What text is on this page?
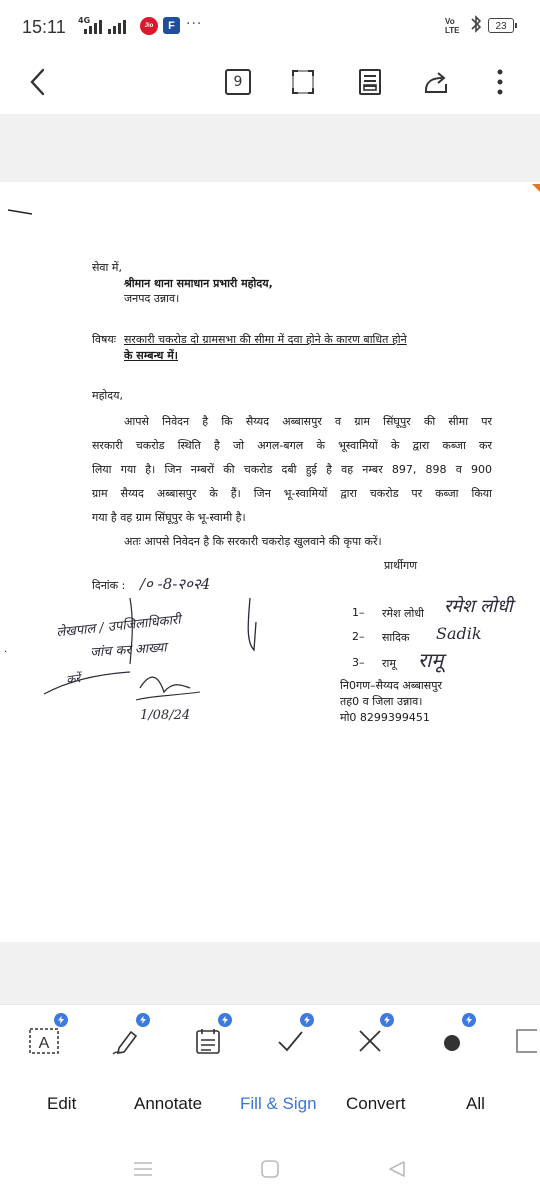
15:11 4G
Jio	F ···	Vo
LTE	23
9
सेवा में,
श्रीमान थाना समाधान प्रभारी महोदय,
जनपद उन्नाव।
विषयः सरकारी चकरोड दो ग्रामसभा की सीमा में दवा होने के कारण बाधित होने
के सम्बन्ध में।
महोदय,
आपसे निवेदन है कि सैय्यद अब्बासपुर व ग्राम सिंघूपुर की सीमा पर
सरकारी चकरोड स्थिति है जो अगल-बगल के भूस्वामियों के द्वारा कब्जा कर
लिया गया है। जिन नम्बरों की चकरोड दबी हुई है वह नम्बर 897, 898 व 900
ग्राम सैय्यद अब्बासपुर के हैं। जिन भू-स्वामियों द्वारा चकरोड पर कब्जा किया
गया है वह ग्राम सिंघूपुर के भू-स्वामी है।
अतः आपसे निवेदन है कि सरकारी चकरोड़ खुलवाने की कृपा करें।
प्रार्थीगण
दिनांक : /० -8-२०२4
1– रमेश लोधी रमेश लोधी
2– सादिक Sadik
3– रामू रामू
नि0गण–सैय्यद अब्बासपुर
तह0 व जिला उन्नाव।
मो0 8299399451
लेखपाल / उपजिलाधिकारी
जांच कर आख्या
करें
1/08/24
·
A
Edit	Annotate Fill & Sign Convert	All
